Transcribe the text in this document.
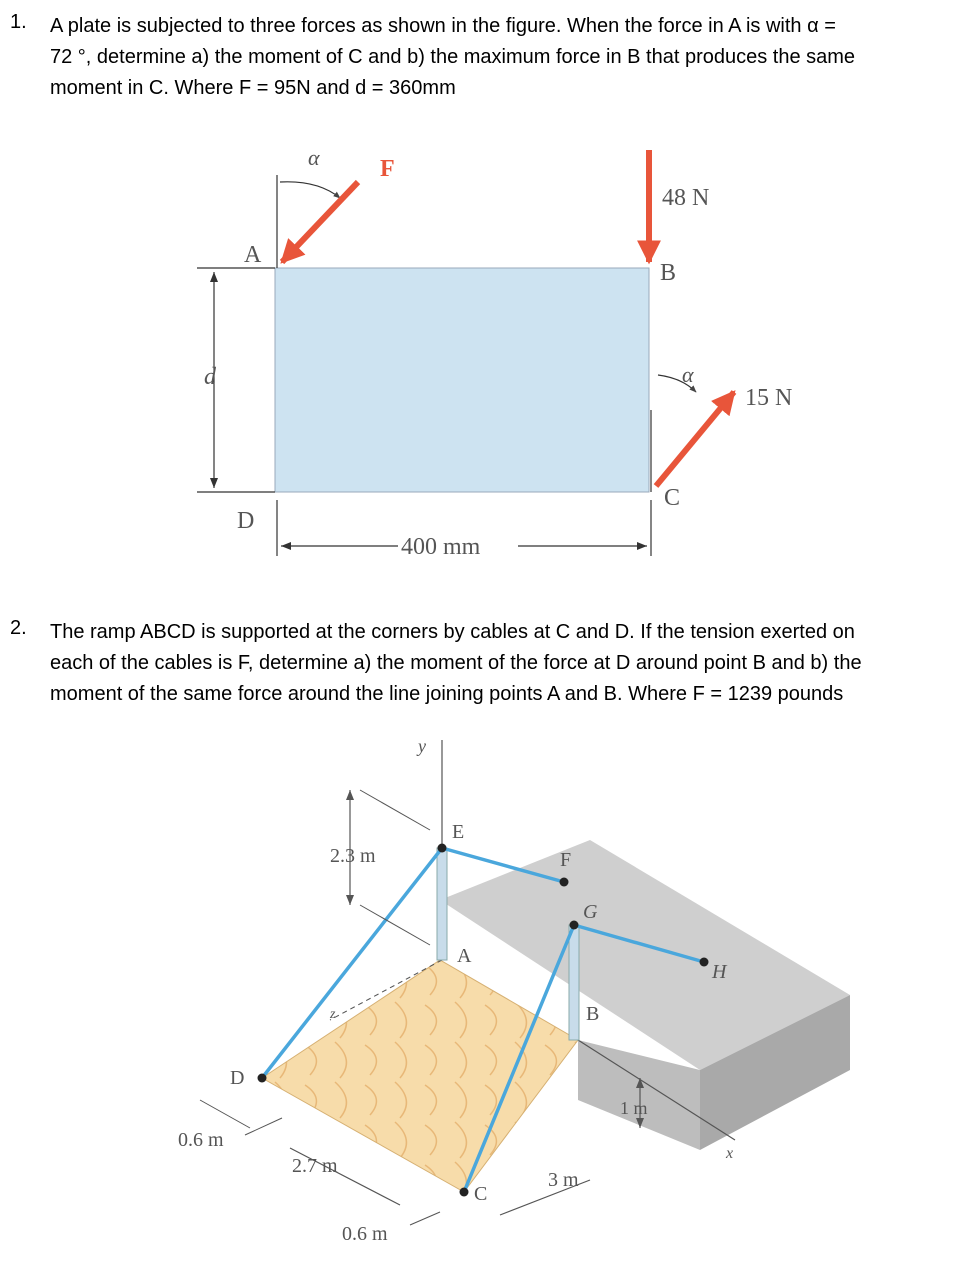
1. A plate is subjected to three forces as shown in the figure. When the force in A is with α =
72 °, determine a) the moment of C and b) the maximum force in B that produces the same
moment in C. Where F = 95N and d = 360mm
α	F
A
48 N
B
d	α
15 N
C
D
400 mm
y
E
2.3 m	F
G
A
H
B
z
D
1 m
0.6 m
x
2.7 m
C
3 m
0.6 m
2. The ramp ABCD is supported at the corners by cables at C and D. If the tension exerted on
each of the cables is F, determine a) the moment of the force at D around point B and b) the
moment of the same force around the line joining points A and B. Where F = 1239 pounds
